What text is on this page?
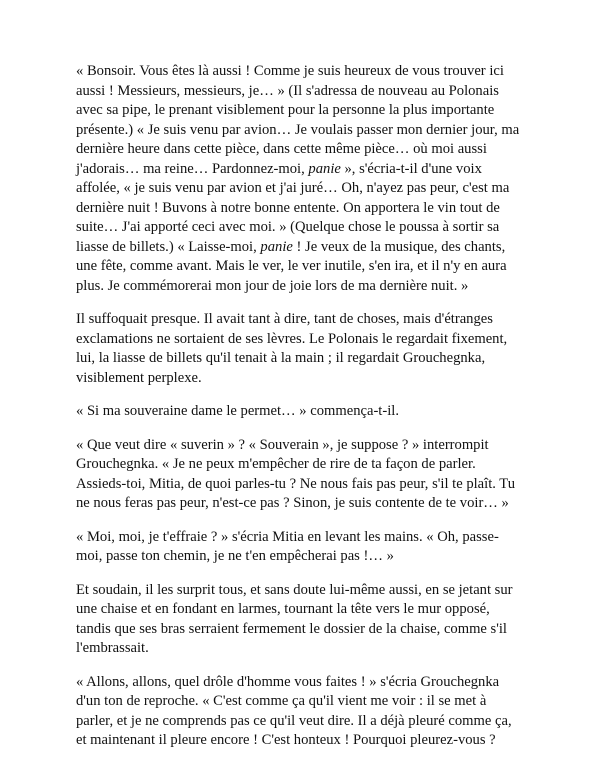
« Bonsoir. Vous êtes là aussi ! Comme je suis heureux de vous trouver ici aussi ! Messieurs, messieurs, je… » (Il s'adressa de nouveau au Polonais avec sa pipe, le prenant visiblement pour la personne la plus importante présente.) « Je suis venu par avion… Je voulais passer mon dernier jour, ma dernière heure dans cette pièce, dans cette même pièce… où moi aussi j'adorais… ma reine… Pardonnez-moi, panie », s'écria-t-il d'une voix affolée, « je suis venu par avion et j'ai juré… Oh, n'ayez pas peur, c'est ma dernière nuit ! Buvons à notre bonne entente. On apportera le vin tout de suite… J'ai apporté ceci avec moi. » (Quelque chose le poussa à sortir sa liasse de billets.) « Laisse-moi, panie ! Je veux de la musique, des chants, une fête, comme avant. Mais le ver, le ver inutile, s'en ira, et il n'y en aura plus. Je commémorerai mon jour de joie lors de ma dernière nuit. »

Il suffoquait presque. Il avait tant à dire, tant de choses, mais d'étranges exclamations ne sortaient de ses lèvres. Le Polonais le regardait fixement, lui, la liasse de billets qu'il tenait à la main ; il regardait Grouchegnka, visiblement perplexe.

« Si ma souveraine dame le permet… » commença-t-il.

« Que veut dire « suverin » ? « Souverain », je suppose ? » interrompit Grouchegnka. « Je ne peux m'empêcher de rire de ta façon de parler. Assieds-toi, Mitia, de quoi parles-tu ? Ne nous fais pas peur, s'il te plaît. Tu ne nous feras pas peur, n'est-ce pas ? Sinon, je suis contente de te voir… »

« Moi, moi, je t'effraie ? » s'écria Mitia en levant les mains. « Oh, passe-moi, passe ton chemin, je ne t'en empêcherai pas !… »

Et soudain, il les surprit tous, et sans doute lui-même aussi, en se jetant sur une chaise et en fondant en larmes, tournant la tête vers le mur opposé, tandis que ses bras serraient fermement le dossier de la chaise, comme s'il l'embrassait.

« Allons, allons, quel drôle d'homme vous faites ! » s'écria Grouchegnka d'un ton de reproche. « C'est comme ça qu'il vient me voir : il se met à parler, et je ne comprends pas ce qu'il veut dire. Il a déjà pleuré comme ça, et maintenant il pleure encore ! C'est honteux ! Pourquoi pleurez-vous ?
